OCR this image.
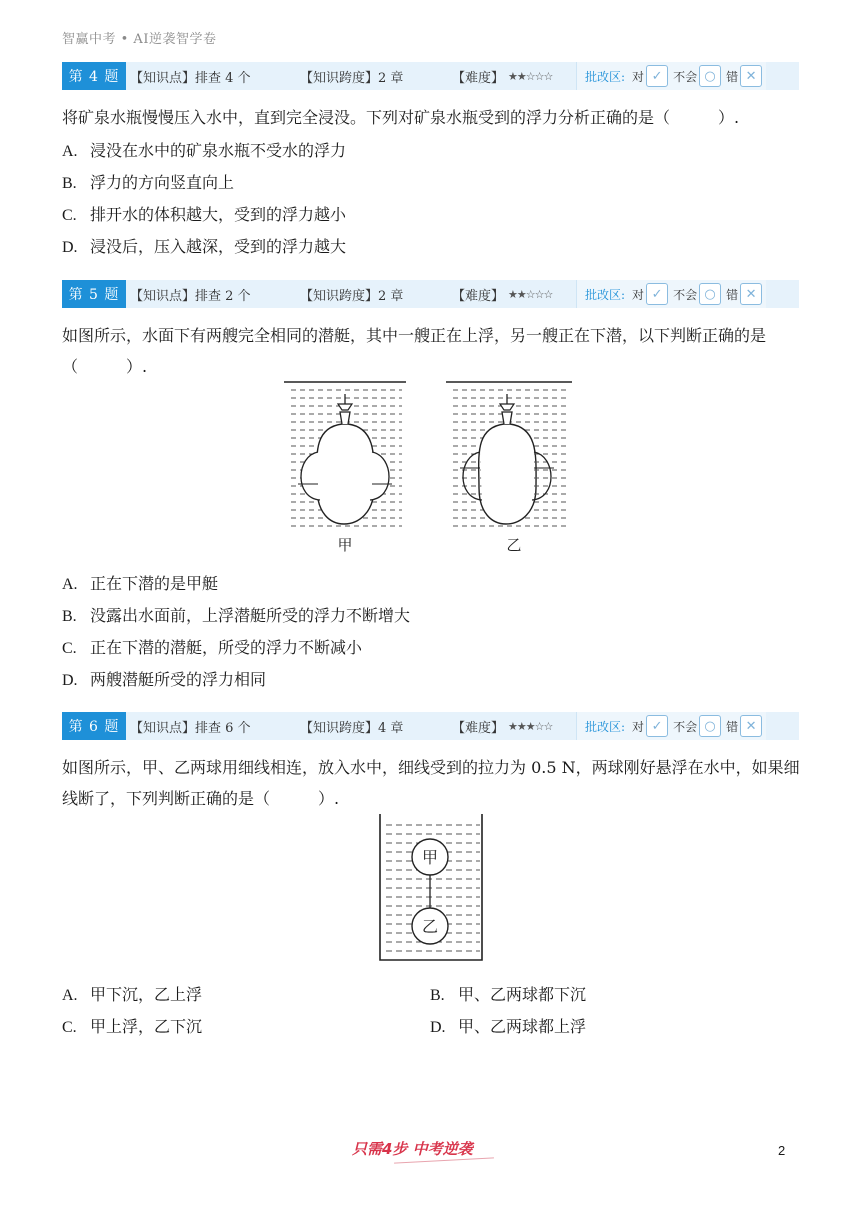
智赢中考 • AI逆袭智学卷
第 4 题 【知识点】排查 4 个	【知识跨度】2 章	【难度】 ★★☆☆☆	批改区: 对 ✓ 不会 ○ 错 ✕
将矿泉水瓶慢慢压入水中，直到完全浸没。下列对矿泉水瓶受到的浮力分析正确的是（　　　）.
A. 浸没在水中的矿泉水瓶不受水的浮力
B. 浮力的方向竖直向上
C. 排开水的体积越大，受到的浮力越小
D. 浸没后，压入越深，受到的浮力越大
第 5 题 【知识点】排查 2 个	【知识跨度】2 章	【难度】 ★★☆☆☆	批改区: 对 ✓ 不会 ○ 错 ✕
如图所示，水面下有两艘完全相同的潜艇，其中一艘正在上浮，另一艘正在下潜，以下判断正确的是（　　　）.
甲	乙
A. 正在下潜的是甲艇
B. 没露出水面前，上浮潜艇所受的浮力不断增大
C. 正在下潜的潜艇，所受的浮力不断减小
D. 两艘潜艇所受的浮力相同
第 6 题 【知识点】排查 6 个	【知识跨度】4 章	【难度】 ★★★☆☆	批改区: 对 ✓ 不会 ○ 错 ✕
如图所示，甲、乙两球用细线相连，放入水中，细线受到的拉力为 0.5 N，两球刚好悬浮在水中，如果细线断了，下列判断正确的是（　　　）.
甲
乙
A. 甲下沉，乙上浮	B. 甲、乙两球都下沉
C. 甲上浮，乙下沉	D. 甲、乙两球都上浮
只需4步 中考逆袭	2
